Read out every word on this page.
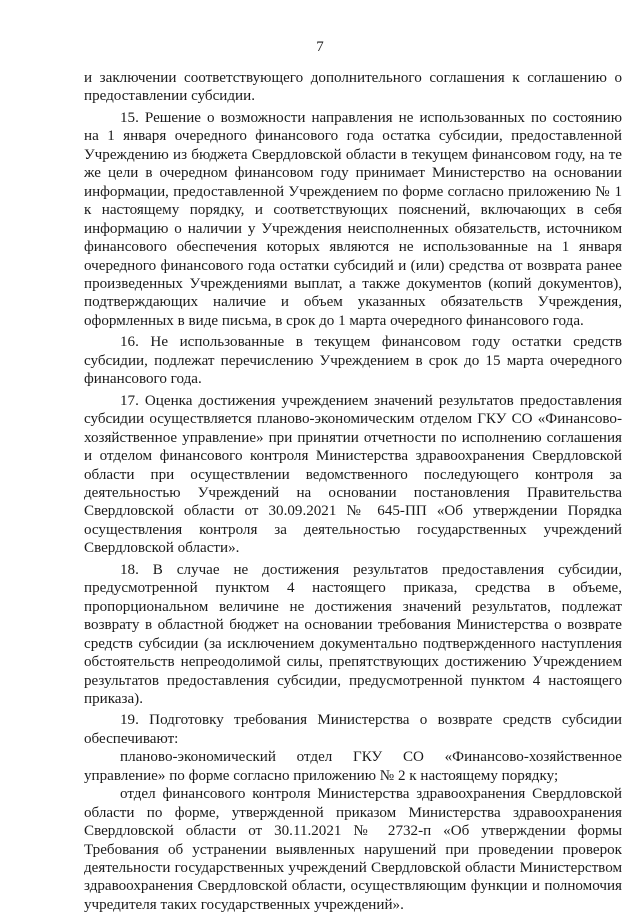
7

и заключении соответствующего дополнительного соглашения к соглашению о предоставлении субсидии.

15. Решение о возможности направления не использованных по состоянию на 1 января очередного финансового года остатка субсидии, предоставленной Учреждению из бюджета Свердловской области в текущем финансовом году, на те же цели в очередном финансовом году принимает Министерство на основании информации, предоставленной Учреждением по форме согласно приложению № 1 к настоящему порядку, и соответствующих пояснений, включающих в себя информацию о наличии у Учреждения неисполненных обязательств, источником финансового обеспечения которых являются не использованные на 1 января очередного финансового года остатки субсидий и (или) средства от возврата ранее произведенных Учреждениями выплат, а также документов (копий документов), подтверждающих наличие и объем указанных обязательств Учреждения, оформленных в виде письма, в срок до 1 марта очередного финансового года.

16. Не использованные в текущем финансовом году остатки средств субсидии, подлежат перечислению Учреждением в срок до 15 марта очередного финансового года.

17. Оценка достижения учреждением значений результатов предоставления субсидии осуществляется планово-экономическим отделом ГКУ СО «Финансово-хозяйственное управление» при принятии отчетности по исполнению соглашения и отделом финансового контроля Министерства здравоохранения Свердловской области при осуществлении ведомственного последующего контроля за деятельностью Учреждений на основании постановления Правительства Свердловской области от 30.09.2021 № 645-ПП «Об утверждении Порядка осуществления контроля за деятельностью государственных учреждений Свердловской области».

18. В случае не достижения результатов предоставления субсидии, предусмотренной пунктом 4 настоящего приказа, средства в объеме, пропорциональном величине не достижения значений результатов, подлежат возврату в областной бюджет на основании требования Министерства о возврате средств субсидии (за исключением документально подтвержденного наступления обстоятельств непреодолимой силы, препятствующих достижению Учреждением результатов предоставления субсидии, предусмотренной пунктом 4 настоящего приказа).

19. Подготовку требования Министерства о возврате средств субсидии обеспечивают:

планово-экономический отдел ГКУ СО «Финансово-хозяйственное управление» по форме согласно приложению № 2 к настоящему порядку;

отдел финансового контроля Министерства здравоохранения Свердловской области по форме, утвержденной приказом Министерства здравоохранения Свердловской области от 30.11.2021 № 2732-п «Об утверждении формы Требования об устранении выявленных нарушений при проведении проверок деятельности государственных учреждений Свердловской области Министерством здравоохранения Свердловской области, осуществляющим функции и полномочия учредителя таких государственных учреждений».
